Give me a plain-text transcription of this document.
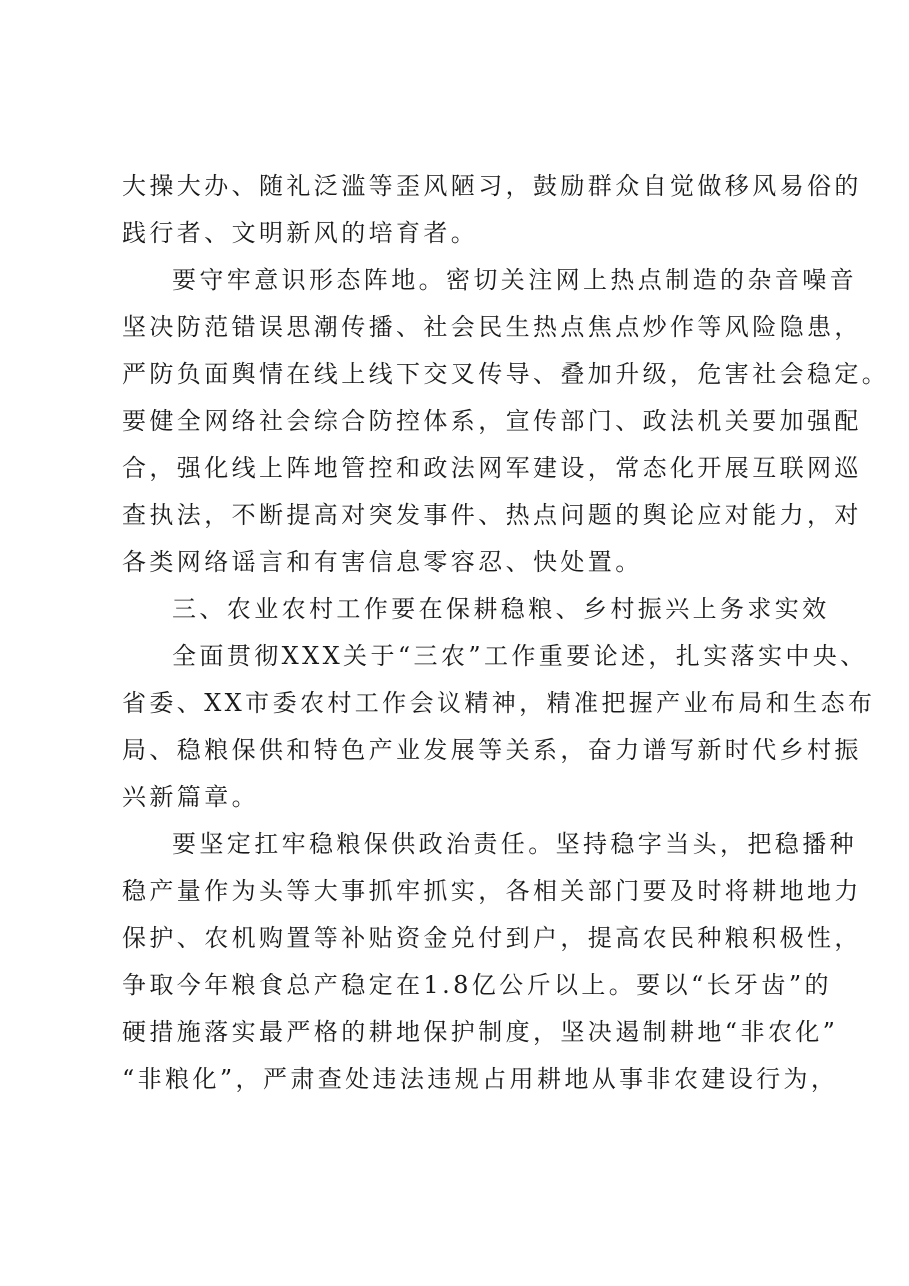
大操大办、随礼泛滥等歪风陋习，鼓励群众自觉做移风易俗的

践行者、文明新风的培育者。

要守牢意识形态阵地。密切关注网上热点制造的杂音噪音

坚决防范错误思潮传播、社会民生热点焦点炒作等风险隐患，

严防负面舆情在线上线下交叉传导、叠加升级，危害社会稳定。

要健全网络社会综合防控体系，宣传部门、政法机关要加强配

合，强化线上阵地管控和政法网军建设，常态化开展互联网巡

查执法，不断提高对突发事件、热点问题的舆论应对能力，对

各类网络谣言和有害信息零容忍、快处置。

三、农业农村工作要在保耕稳粮、乡村振兴上务求实效

全面贯彻XXX关于“三农”工作重要论述，扎实落实中央、

省委、XX市委农村工作会议精神，精准把握产业布局和生态布

局、稳粮保供和特色产业发展等关系，奋力谱写新时代乡村振

兴新篇章。

要坚定扛牢稳粮保供政治责任。坚持稳字当头，把稳播种

稳产量作为头等大事抓牢抓实，各相关部门要及时将耕地地力

保护、农机购置等补贴资金兑付到户，提高农民种粮积极性，

争取今年粮食总产稳定在1.8亿公斤以上。要以“长牙齿”的

硬措施落实最严格的耕地保护制度，坚决遏制耕地“非农化”

“非粮化”，严肃查处违法违规占用耕地从事非农建设行为，
